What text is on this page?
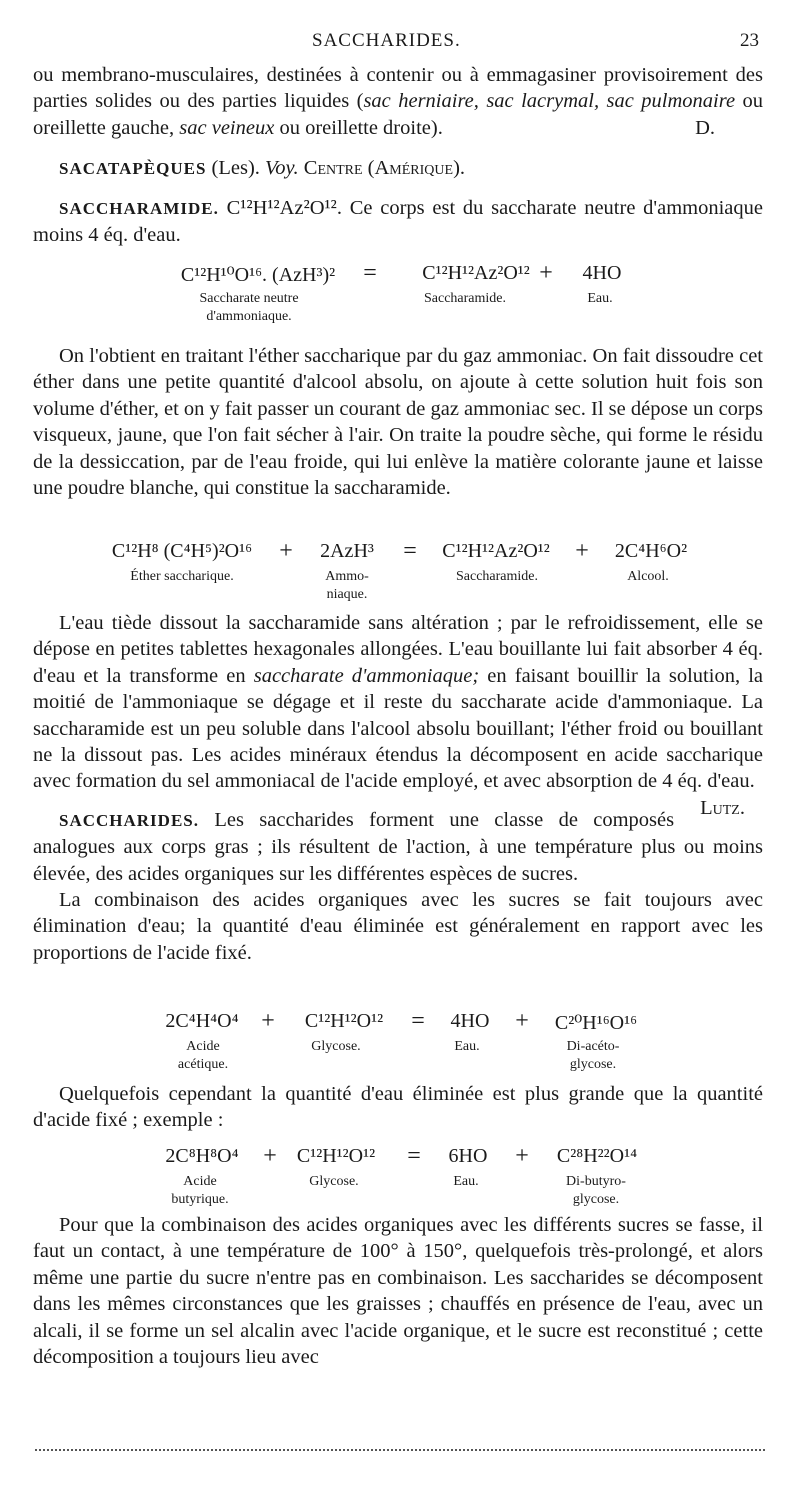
SACCHARIDES.	23

ou membrano-musculaires, destinées à contenir ou à emmagasiner provisoirement des parties solides ou des parties liquides (sac herniaire, sac lacrymal, sac pulmonaire ou oreillette gauche, sac veineux ou oreillette droite).	D.

SACATAPÈQUES (Les). Voy. Centre (Amérique).

SACCHARAMIDE. C¹²H¹²Az²O¹². Ce corps est du saccharate neutre d'ammoniaque moins 4 éq. d'eau.

C¹²H¹⁰O¹⁶. (AzH³)² = C¹²H¹²Az²O¹² + 4HO
Saccharate neutre
d'ammoniaque.
Saccharamide.	Eau.

On l'obtient en traitant l'éther saccharique par du gaz ammoniac. On fait dissoudre cet éther dans une petite quantité d'alcool absolu, on ajoute à cette solution huit fois son volume d'éther, et on y fait passer un courant de gaz ammoniac sec. Il se dépose un corps visqueux, jaune, que l'on fait sécher à l'air. On traite la poudre sèche, qui forme le résidu de la dessiccation, par de l'eau froide, qui lui enlève la matière colorante jaune et laisse une poudre blanche, qui constitue la saccharamide.

C¹²H⁸ (C⁴H⁵)²O¹⁶ + 2AzH³ = C¹²H¹²Az²O¹² + 2C⁴H⁶O²
Éther saccharique.	Ammo-
niaque.
Saccharamide.	Alcool.

L'eau tiède dissout la saccharamide sans altération ; par le refroidissement, elle se dépose en petites tablettes hexagonales allongées. L'eau bouillante lui fait absorber 4 éq. d'eau et la transforme en saccharate d'ammoniaque; en faisant bouillir la solution, la moitié de l'ammoniaque se dégage et il reste du saccharate acide d'ammoniaque. La saccharamide est un peu soluble dans l'alcool absolu bouillant; l'éther froid ou bouillant ne la dissout pas. Les acides minéraux étendus la décomposent en acide saccharique avec formation du sel ammoniacal de l'acide employé, et avec absorption de 4 éq. d'eau.
Lutz.

SACCHARIDES. Les saccharides forment une classe de composés analogues aux corps gras ; ils résultent de l'action, à une température plus ou moins élevée, des acides organiques sur les différentes espèces de sucres.

La combinaison des acides organiques avec les sucres se fait toujours avec élimination d'eau; la quantité d'eau éliminée est généralement en rapport avec les proportions de l'acide fixé.

2C⁴H⁴O⁴ + C¹²H¹²O¹² = 4HO + C²⁰H¹⁶O¹⁶
Acide
acétique.
Glycose.	Eau.	Di-acéto-
glycose.

Quelquefois cependant la quantité d'eau éliminée est plus grande que la quantité d'acide fixé ; exemple :

2C⁸H⁸O⁴ + C¹²H¹²O¹² = 6HO + C²⁸H²²O¹⁴
Acide
butyrique.
Glycose.	Eau.	Di-butyro-
glycose.

Pour que la combinaison des acides organiques avec les différents sucres se fasse, il faut un contact, à une température de 100° à 150°, quelquefois très-prolongé, et alors même une partie du sucre n'entre pas en combinaison. Les saccharides se décomposent dans les mêmes circonstances que les graisses ; chauffés en présence de l'eau, avec un alcali, il se forme un sel alcalin avec l'acide organique, et le sucre est reconstitué ; cette décomposition a toujours lieu avec
